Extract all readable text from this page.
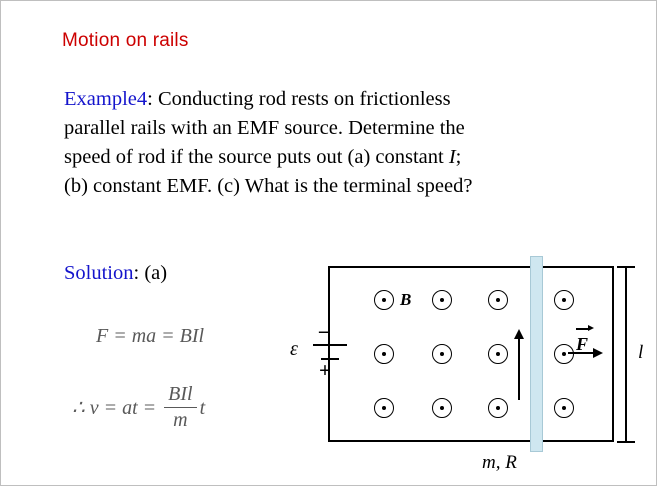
Motion on rails
Example4: Conducting rod rests on frictionless
parallel rails with an EMF source. Determine the
speed of rod if the source puts out (a) constant I;
(b) constant EMF. (c) What is the terminal speed?
Solution: (a)
F = ma = BIl
∴ v = at = $\frac{\text{BIl}}{m}$ t
–
+
ε
B
F	l
m, R
